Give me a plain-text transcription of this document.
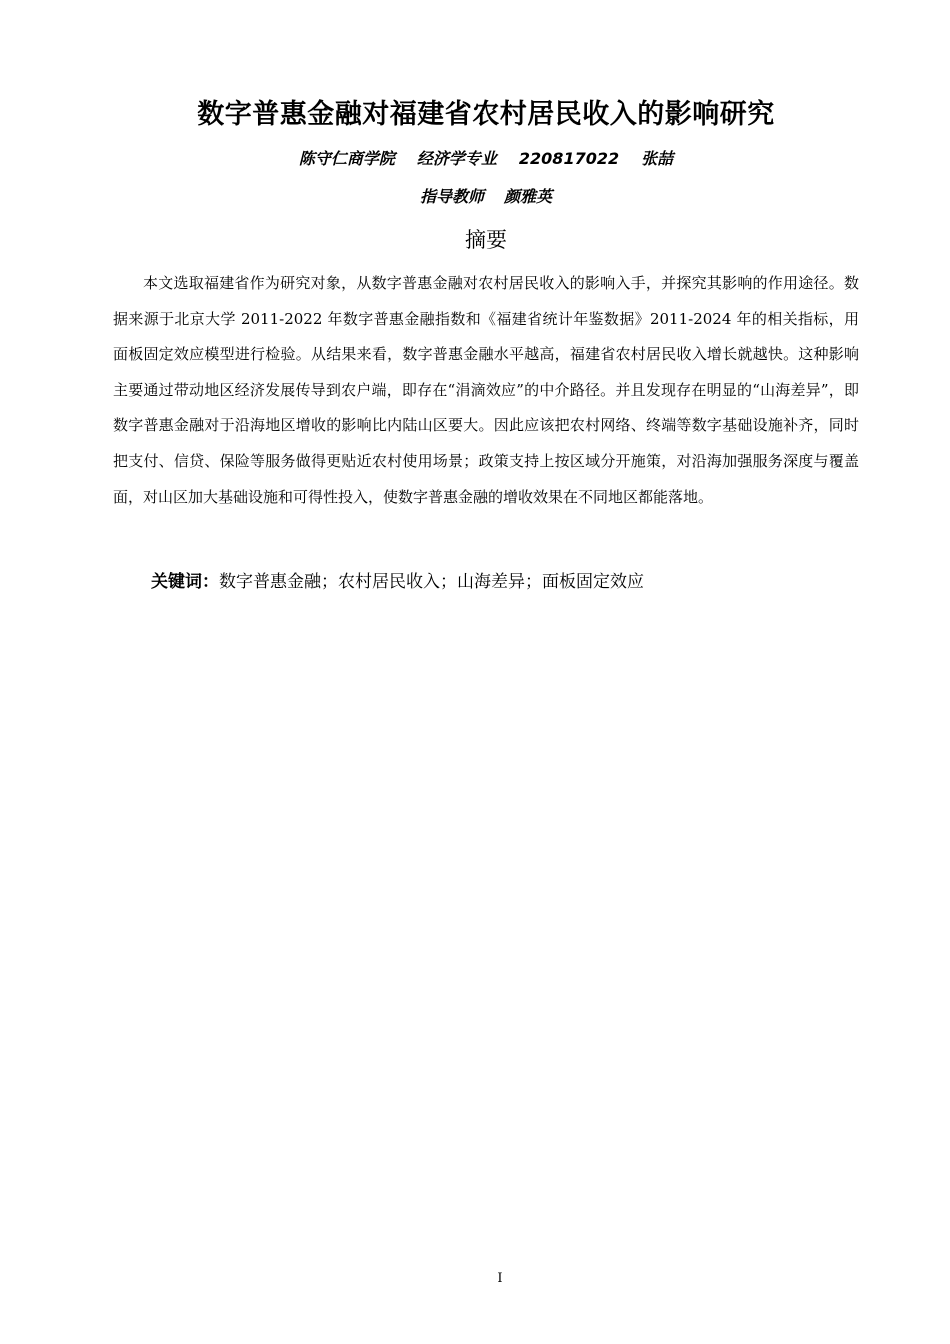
数字普惠金融对福建省农村居民收入的影响研究
陈守仁商学院 经济学专业 220817022 张喆
指导教师 颜雅英
摘要

本文选取福建省作为研究对象，从数字普惠金融对农村居民收入的影响入手，并探究其影响的作用途径。数据来源于北京大学 2011-2022 年数字普惠金融指数和《福建省统计年鉴数据》2011-2024 年的相关指标，用面板固定效应模型进行检验。从结果来看，数字普惠金融水平越高，福建省农村居民收入增长就越快。这种影响主要通过带动地区经济发展传导到农户端，即存在“涓滴效应”的中介路径。并且发现存在明显的“山海差异”，即数字普惠金融对于沿海地区增收的影响比内陆山区要大。因此应该把农村网络、终端等数字基础设施补齐，同时把支付、信贷、保险等服务做得更贴近农村使用场景；政策支持上按区域分开施策，对沿海加强服务深度与覆盖面，对山区加大基础设施和可得性投入，使数字普惠金融的增收效果在不同地区都能落地。

关键词：数字普惠金融；农村居民收入；山海差异；面板固定效应
I
